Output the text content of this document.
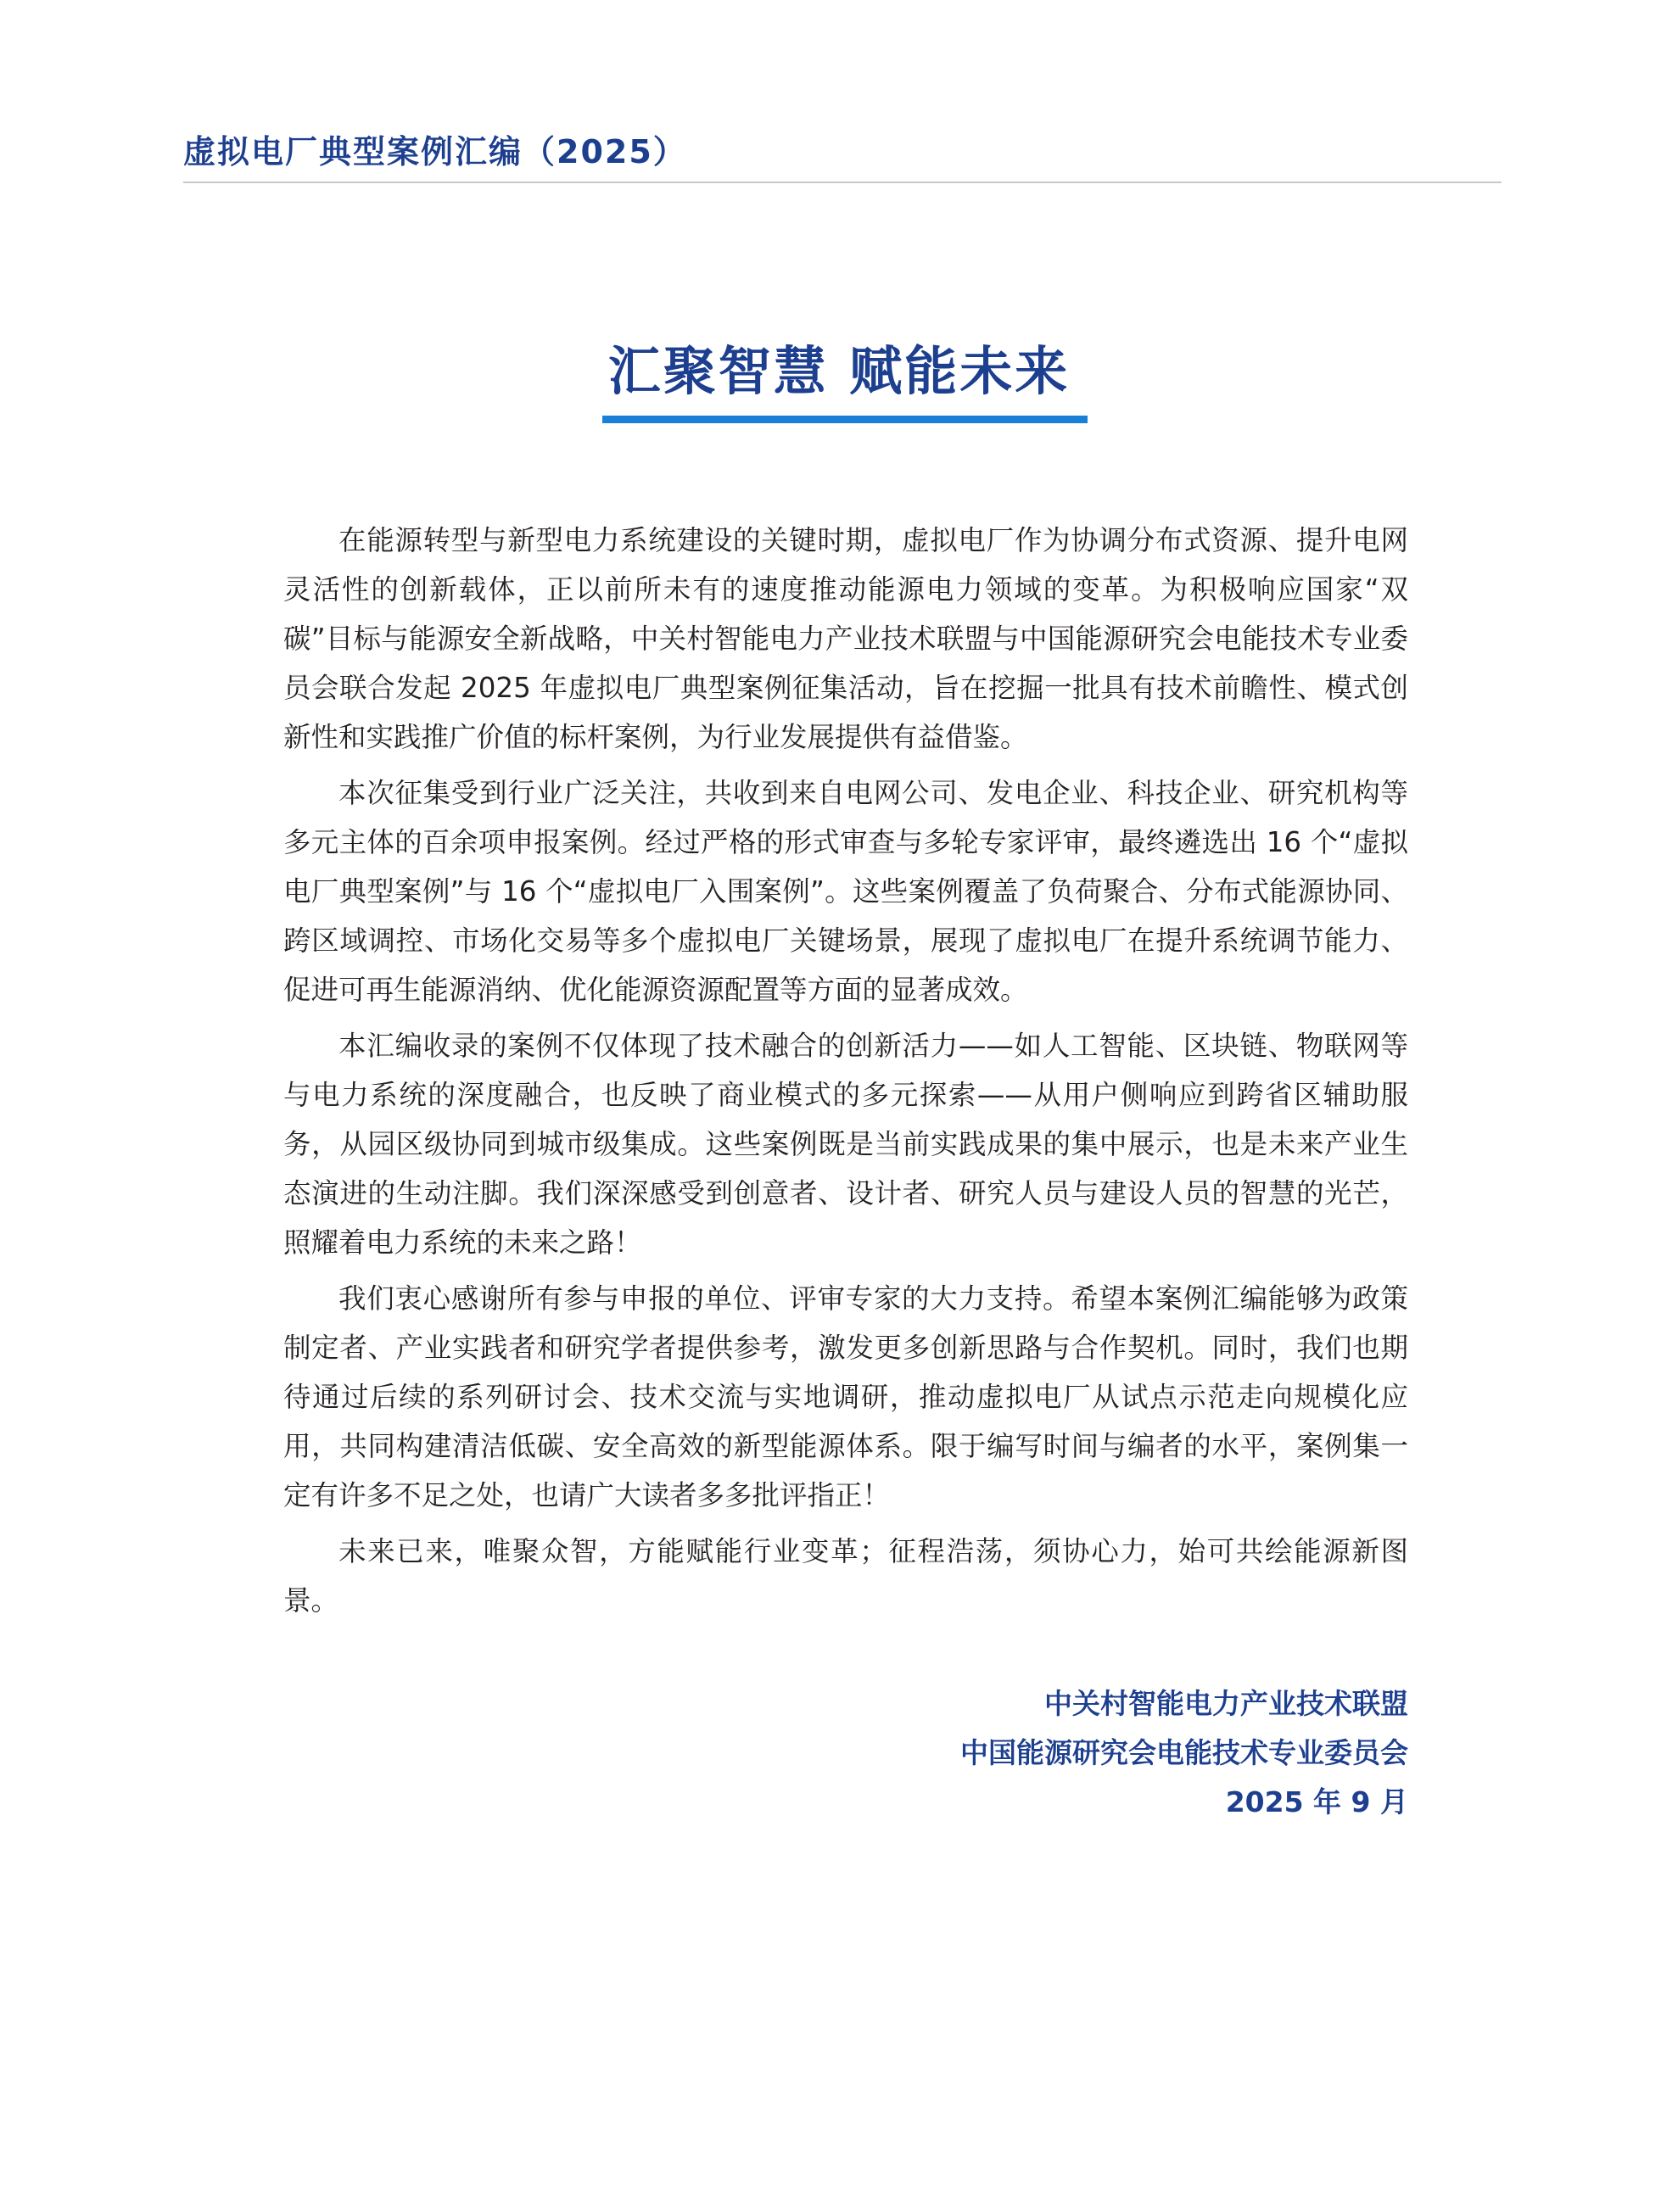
虚拟电厂典型案例汇编（2025）
汇聚智慧 赋能未来

在能源转型与新型电力系统建设的关键时期，虚拟电厂作为协调分布式资源、提升电网灵活性的创新载体，正以前所未有的速度推动能源电力领域的变革。为积极响应国家“双碳”目标与能源安全新战略，中关村智能电力产业技术联盟与中国能源研究会电能技术专业委员会联合发起 2025 年虚拟电厂典型案例征集活动，旨在挖掘一批具有技术前瞻性、模式创新性和实践推广价值的标杆案例，为行业发展提供有益借鉴。

本次征集受到行业广泛关注，共收到来自电网公司、发电企业、科技企业、研究机构等多元主体的百余项申报案例。经过严格的形式审查与多轮专家评审，最终遴选出 16 个“虚拟电厂典型案例”与 16 个“虚拟电厂入围案例”。这些案例覆盖了负荷聚合、分布式能源协同、跨区域调控、市场化交易等多个虚拟电厂关键场景，展现了虚拟电厂在提升系统调节能力、促进可再生能源消纳、优化能源资源配置等方面的显著成效。

本汇编收录的案例不仅体现了技术融合的创新活力——如人工智能、区块链、物联网等与电力系统的深度融合，也反映了商业模式的多元探索——从用户侧响应到跨省区辅助服务，从园区级协同到城市级集成。这些案例既是当前实践成果的集中展示，也是未来产业生态演进的生动注脚。我们深深感受到创意者、设计者、研究人员与建设人员的智慧的光芒，照耀着电力系统的未来之路！

我们衷心感谢所有参与申报的单位、评审专家的大力支持。希望本案例汇编能够为政策制定者、产业实践者和研究学者提供参考，激发更多创新思路与合作契机。同时，我们也期待通过后续的系列研讨会、技术交流与实地调研，推动虚拟电厂从试点示范走向规模化应用，共同构建清洁低碳、安全高效的新型能源体系。限于编写时间与编者的水平，案例集一定有许多不足之处，也请广大读者多多批评指正！

未来已来，唯聚众智，方能赋能行业变革；征程浩荡，须协心力，始可共绘能源新图景。

中关村智能电力产业技术联盟
中国能源研究会电能技术专业委员会
2025 年 9 月
